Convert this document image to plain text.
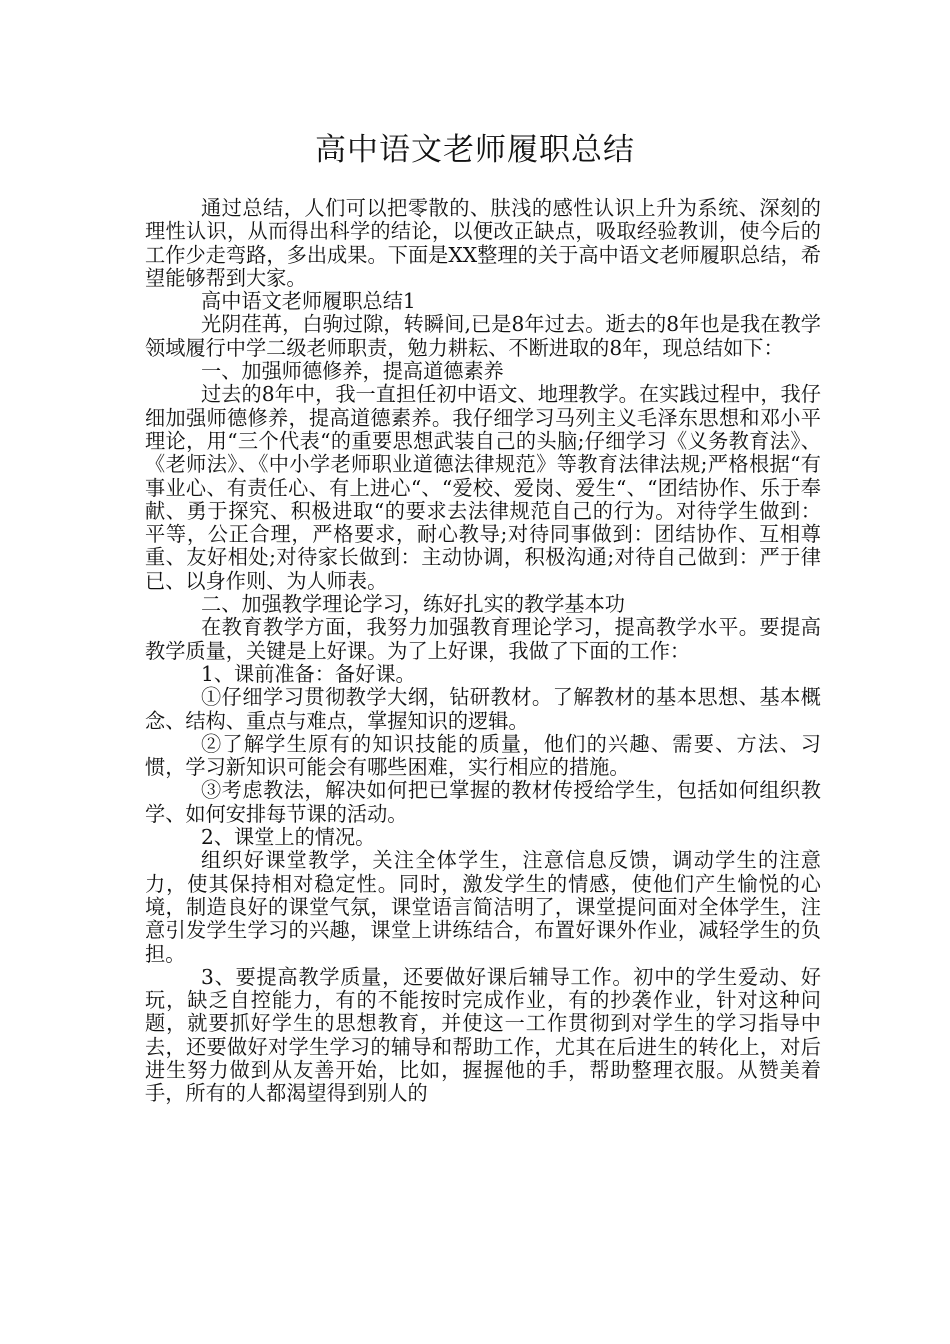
高中语文老师履职总结

通过总结，人们可以把零散的、肤浅的感性认识上升为系统、深刻的理性认识，从而得出科学的结论，以便改正缺点，吸取经验教训，使今后的工作少走弯路，多出成果。下面是XX整理的关于高中语文老师履职总结，希望能够帮到大家。

高中语文老师履职总结1

光阴荏苒，白驹过隙，转瞬间,已是8年过去。逝去的8年也是我在教学领域履行中学二级老师职责，勉力耕耘、不断进取的8年，现总结如下：

一、加强师德修养，提高道德素养

过去的8年中，我一直担任初中语文、地理教学。在实践过程中，我仔细加强师德修养，提高道德素养。我仔细学习马列主义毛泽东思想和邓小平理论，用“三个代表“的重要思想武装自己的头脑;仔细学习《义务教育法》、《老师法》、《中小学老师职业道德法律规范》等教育法律法规;严格根据“有事业心、有责任心、有上进心“、“爱校、爱岗、爱生“、“团结协作、乐于奉献、勇于探究、积极进取“的要求去法律规范自己的行为。对待学生做到：平等，公正合理，严格要求，耐心教导;对待同事做到：团结协作、互相尊重、友好相处;对待家长做到：主动协调，积极沟通;对待自己做到：严于律已、以身作则、为人师表。

二、加强教学理论学习，练好扎实的教学基本功

在教育教学方面，我努力加强教育理论学习，提高教学水平。要提高教学质量，关键是上好课。为了上好课，我做了下面的工作：

1、课前准备：备好课。

①仔细学习贯彻教学大纲，钻研教材。了解教材的基本思想、基本概念、结构、重点与难点，掌握知识的逻辑。

②了解学生原有的知识技能的质量，他们的兴趣、需要、方法、习惯，学习新知识可能会有哪些困难，实行相应的措施。

③考虑教法，解决如何把已掌握的教材传授给学生，包括如何组织教学、如何安排每节课的活动。

2、课堂上的情况。

组织好课堂教学，关注全体学生，注意信息反馈，调动学生的注意力，使其保持相对稳定性。同时，激发学生的情感，使他们产生愉悦的心境，制造良好的课堂气氛，课堂语言简洁明了，课堂提问面对全体学生，注意引发学生学习的兴趣，课堂上讲练结合，布置好课外作业，减轻学生的负担。

3、要提高教学质量，还要做好课后辅导工作。初中的学生爱动、好玩，缺乏自控能力，有的不能按时完成作业，有的抄袭作业，针对这种问题，就要抓好学生的思想教育，并使这一工作贯彻到对学生的学习指导中去，还要做好对学生学习的辅导和帮助工作，尤其在后进生的转化上，对后进生努力做到从友善开始，比如，握握他的手，帮助整理衣服。从赞美着手，所有的人都渴望得到别人的
